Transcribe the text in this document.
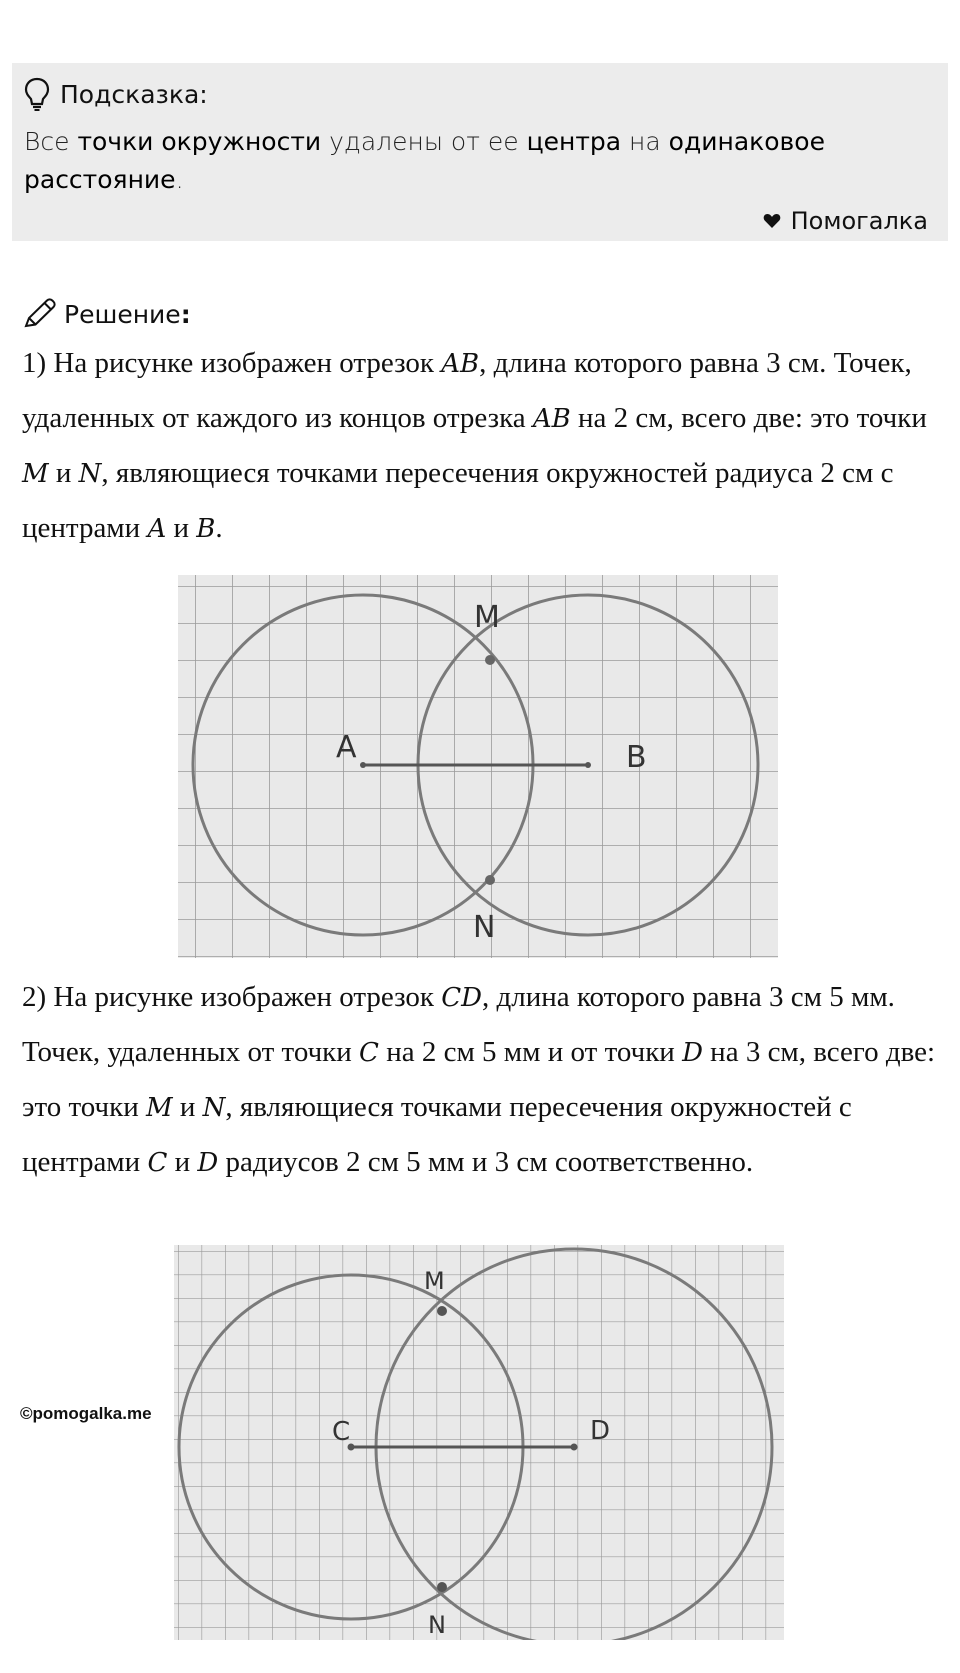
Подсказка:
Все точки окружности удалены от ее центра на одинаковое расстояние.
Помогалка
Решение :
1) На рисунке изображен отрезок AB, длина которого равна 3 см. Точек, удаленных от каждого из концов отрезка AB на 2 см, всего две: это точки M и N, являющиеся точками пересечения окружностей радиуса 2 см с центрами A и B.
A	B
M
N
2) На рисунке изображен отрезок CD, длина которого равна 3 см 5 мм. Точек, удаленных от точки C на 2 см 5 мм и от точки D на 3 см, всего две: это точки M и N, являющиеся точками пересечения окружностей с центрами C и D радиусов 2 см 5 мм и 3 см соответственно.
C	D
M
N
©pomogalka.me
